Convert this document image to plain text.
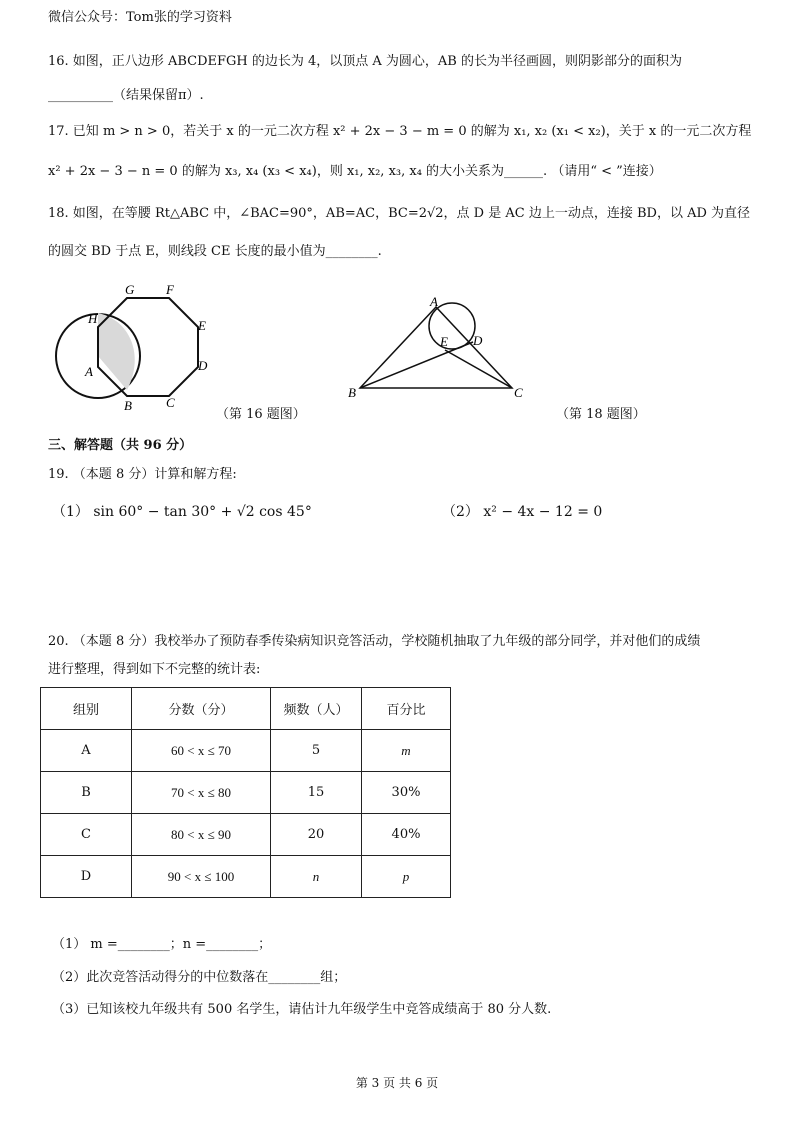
微信公众号：Tom张的学习资料
16. 如图，正八边形 ABCDEFGH 的边长为 4，以顶点 A 为圆心，AB 的长为半径画圆，则阴影部分的面积为
__________（结果保留π）.
17. 已知 m > n > 0，若关于 x 的一元二次方程 x² + 2x − 3 − m = 0 的解为 x₁, x₂ (x₁ < x₂)，关于 x 的一元二次方程
x² + 2x − 3 − n = 0 的解为 x₃, x₄ (x₃ < x₄)，则 x₁, x₂, x₃, x₄ 的大小关系为______. （请用“ < ”连接）
18. 如图，在等腰 Rt△ABC 中，∠BAC=90°，AB=AC，BC=2√2，点 D 是 AC 边上一动点，连接 BD，以 AD 为直径
的圆交 BD 于点 E，则线段 CE 长度的最小值为________.
G F
H	E
D
A
B	C
（第 16 题图）
A
E D
B	C
（第 18 题图）
三、解答题（共 96 分）
19. （本题 8 分）计算和解方程:
（1） sin 60° − tan 30° + √2 cos 45°	（2） x² − 4x − 12 = 0
20. （本题 8 分）我校举办了预防春季传染病知识竞答活动，学校随机抽取了九年级的部分同学，并对他们的成绩
进行整理，得到如下不完整的统计表:
组别	分数（分）	频数（人）	百分比
A	60 < x ≤ 70	5	m
B	70 < x ≤ 80	15	30%
C	80 < x ≤ 90	20	40%
D	90 < x ≤ 100	n	p
（1） m =________；n =________；
（2）此次竞答活动得分的中位数落在________组；
（3）已知该校九年级共有 500 名学生，请估计九年级学生中竞答成绩高于 80 分人数.
第 3 页 共 6 页
